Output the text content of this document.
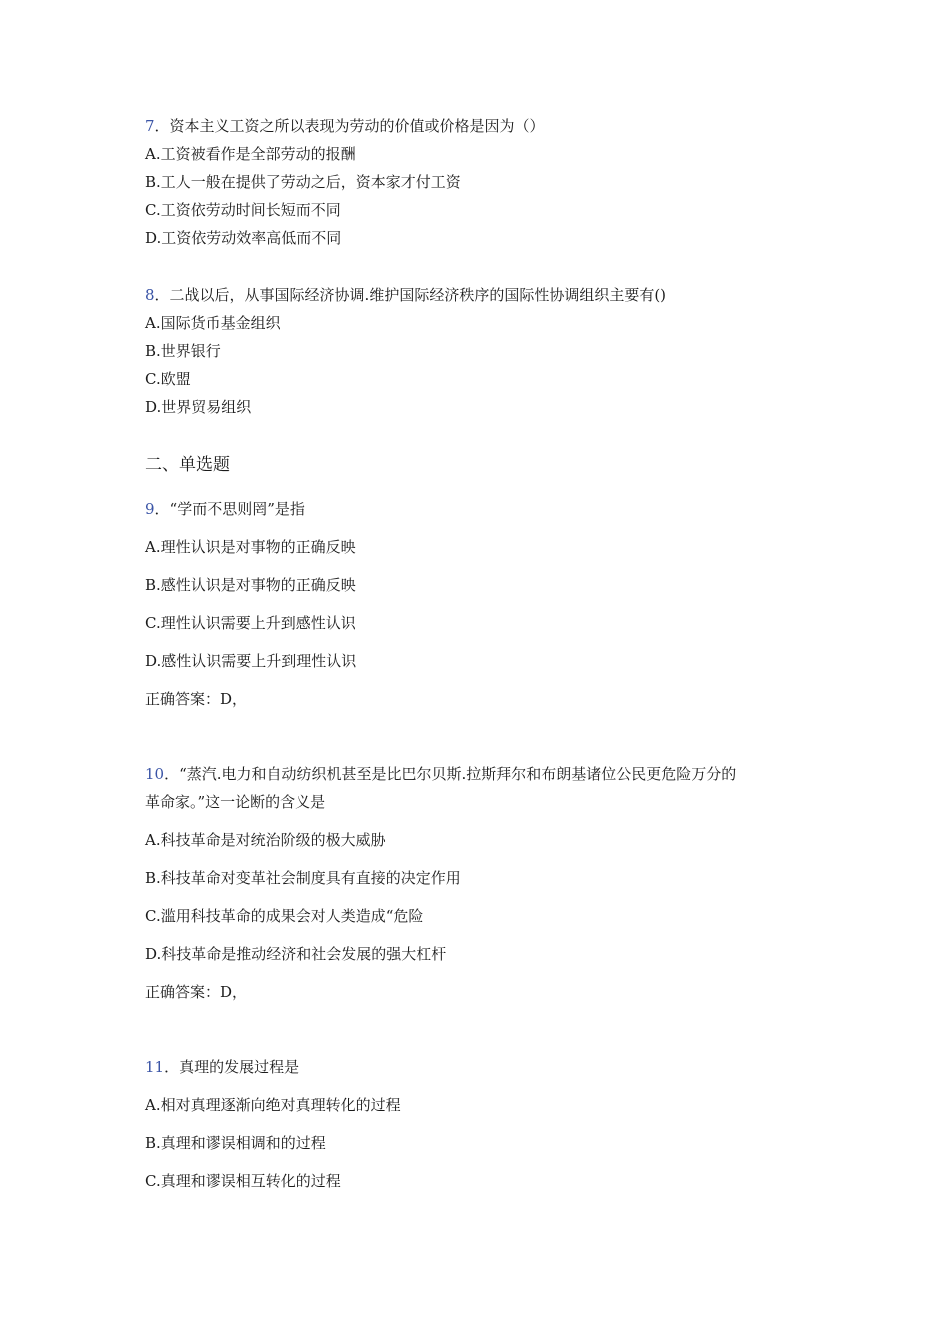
7．资本主义工资之所以表现为劳动的价值或价格是因为（）
A.工资被看作是全部劳动的报酬
B.工人一般在提供了劳动之后，资本家才付工资
C.工资依劳动时间长短而不同
D.工资依劳动效率高低而不同
8．二战以后，从事国际经济协调.维护国际经济秩序的国际性协调组织主要有()
A.国际货币基金组织
B.世界银行
C.欧盟
D.世界贸易组织
二、单选题
9．“学而不思则罔”是指
A.理性认识是对事物的正确反映
B.感性认识是对事物的正确反映
C.理性认识需要上升到感性认识
D.感性认识需要上升到理性认识
正确答案：D，
10．“蒸汽.电力和自动纺织机甚至是比巴尔贝斯.拉斯拜尔和布朗基诸位公民更危险万分的
革命家。”这一论断的含义是
A.科技革命是对统治阶级的极大威胁
B.科技革命对变革社会制度具有直接的决定作用
C.滥用科技革命的成果会对人类造成“危险
D.科技革命是推动经济和社会发展的强大杠杆
正确答案：D，
11．真理的发展过程是
A.相对真理逐渐向绝对真理转化的过程
B.真理和谬误相调和的过程
C.真理和谬误相互转化的过程
